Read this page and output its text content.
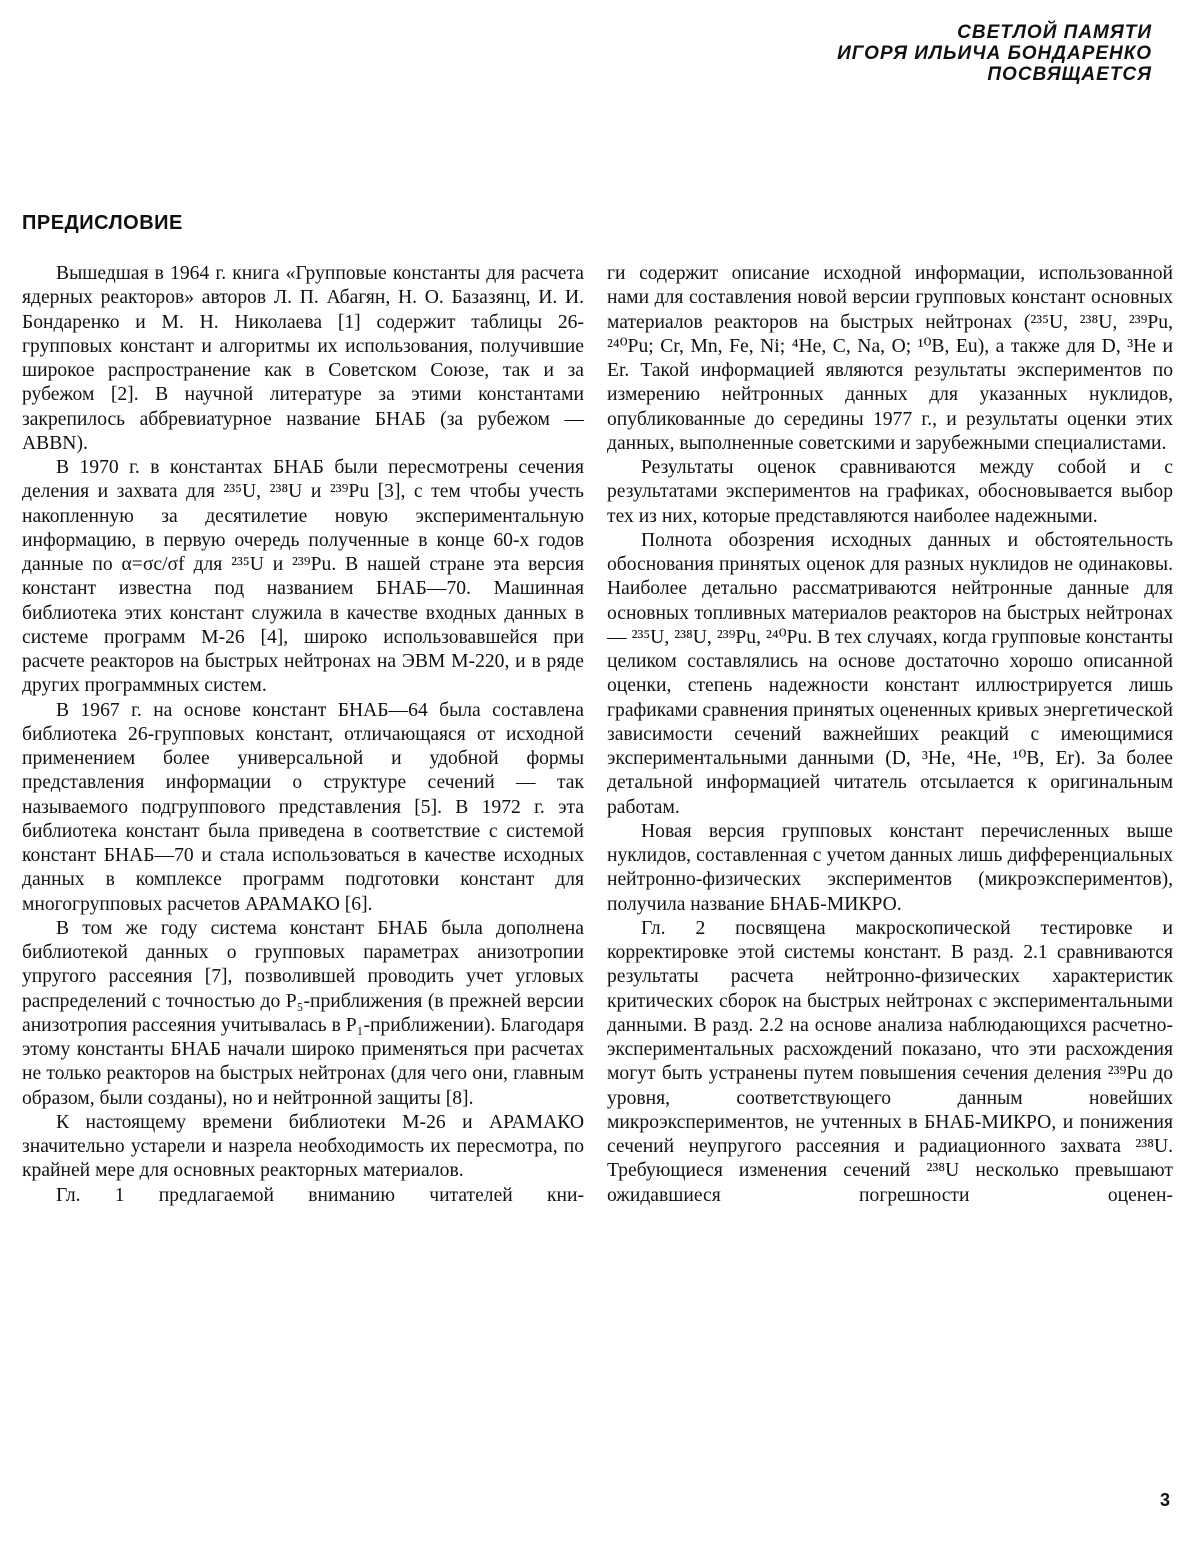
СВЕТЛОЙ ПАМЯТИ
ИГОРЯ ИЛЬИЧА БОНДАРЕНКО
ПОСВЯЩАЕТСЯ
ПРЕДИСЛОВИЕ

Вышедшая в 1964 г. книга «Групповые константы для расчета ядерных реакторов» авторов Л. П. Абагян, Н. О. Базазянц, И. И. Бондаренко и М. Н. Николаева [1] содержит таблицы 26-групповых констант и алгоритмы их использования, получившие широкое распространение как в Советском Союзе, так и за рубежом [2]. В научной литературе за этими константами закрепилось аббревиатурное название БНАБ (за рубежом — ABBN).

В 1970 г. в константах БНАБ были пересмотрены сечения деления и захвата для ²³⁵U, ²³⁸U и ²³⁹Pu [3], с тем чтобы учесть накопленную за десятилетие новую экспериментальную информацию, в первую очередь полученные в конце 60-х годов данные по α=σc/σf для ²³⁵U и ²³⁹Pu. В нашей стране эта версия констант известна под названием БНАБ—70. Машинная библиотека этих констант служила в качестве входных данных в системе программ М-26 [4], широко использовавшейся при расчете реакторов на быстрых нейтронах на ЭВМ М-220, и в ряде других программных систем.

В 1967 г. на основе констант БНАБ—64 была составлена библиотека 26-групповых констант, отличающаяся от исходной применением более универсальной и удобной формы представления информации о структуре сечений — так называемого подгруппового представления [5]. В 1972 г. эта библиотека констант была приведена в соответствие с системой констант БНАБ—70 и стала использоваться в качестве исходных данных в комплексе программ подготовки констант для многогрупповых расчетов АРАМАКО [6].

В том же году система констант БНАБ была дополнена библиотекой данных о групповых параметрах анизотропии упругого рассеяния [7], позволившей проводить учет угловых распределений с точностью до P₅-приближения (в прежней версии анизотропия рассеяния учитывалась в P₁-приближении). Благодаря этому константы БНАБ начали широко применяться при расчетах не только реакторов на быстрых нейтронах (для чего они, главным образом, были созданы), но и нейтронной защиты [8].

К настоящему времени библиотеки М-26 и АРАМАКО значительно устарели и назрела необходимость их пересмотра, по крайней мере для основных реакторных материалов.

Гл. 1 предлагаемой вниманию читателей кни-

ги содержит описание исходной информации, использованной нами для составления новой версии групповых констант основных материалов реакторов на быстрых нейтронах (²³⁵U, ²³⁸U, ²³⁹Pu, ²⁴⁰Pu; Cr, Mn, Fe, Ni; ⁴He, C, Na, O; ¹⁰B, Eu), а также для D, ³He и Er. Такой информацией являются результаты экспериментов по измерению нейтронных данных для указанных нуклидов, опубликованные до середины 1977 г., и результаты оценки этих данных, выполненные советскими и зарубежными специалистами.

Результаты оценок сравниваются между собой и с результатами экспериментов на графиках, обосновывается выбор тех из них, которые представляются наиболее надежными.

Полнота обозрения исходных данных и обстоятельность обоснования принятых оценок для разных нуклидов не одинаковы. Наиболее детально рассматриваются нейтронные данные для основных топливных материалов реакторов на быстрых нейтронах — ²³⁵U, ²³⁸U, ²³⁹Pu, ²⁴⁰Pu. В тех случаях, когда групповые константы целиком составлялись на основе достаточно хорошо описанной оценки, степень надежности констант иллюстрируется лишь графиками сравнения принятых оцененных кривых энергетической зависимости сечений важнейших реакций с имеющимися экспериментальными данными (D, ³He, ⁴He, ¹⁰B, Er). За более детальной информацией читатель отсылается к оригинальным работам.

Новая версия групповых констант перечисленных выше нуклидов, составленная с учетом данных лишь дифференциальных нейтронно-физических экспериментов (микроэкспериментов), получила название БНАБ-МИКРО.

Гл. 2 посвящена макроскопической тестировке и корректировке этой системы констант. В разд. 2.1 сравниваются результаты расчета нейтронно-физических характеристик критических сборок на быстрых нейтронах с экспериментальными данными. В разд. 2.2 на основе анализа наблюдающихся расчетно-экспериментальных расхождений показано, что эти расхождения могут быть устранены путем повышения сечения деления ²³⁹Pu до уровня, соответствующего данным новейших микроэкспериментов, не учтенных в БНАБ-МИКРО, и понижения сечений неупругого рассеяния и радиационного захвата ²³⁸U. Требующиеся изменения сечений ²³⁸U несколько превышают ожидавшиеся погрешности оценен-

3
